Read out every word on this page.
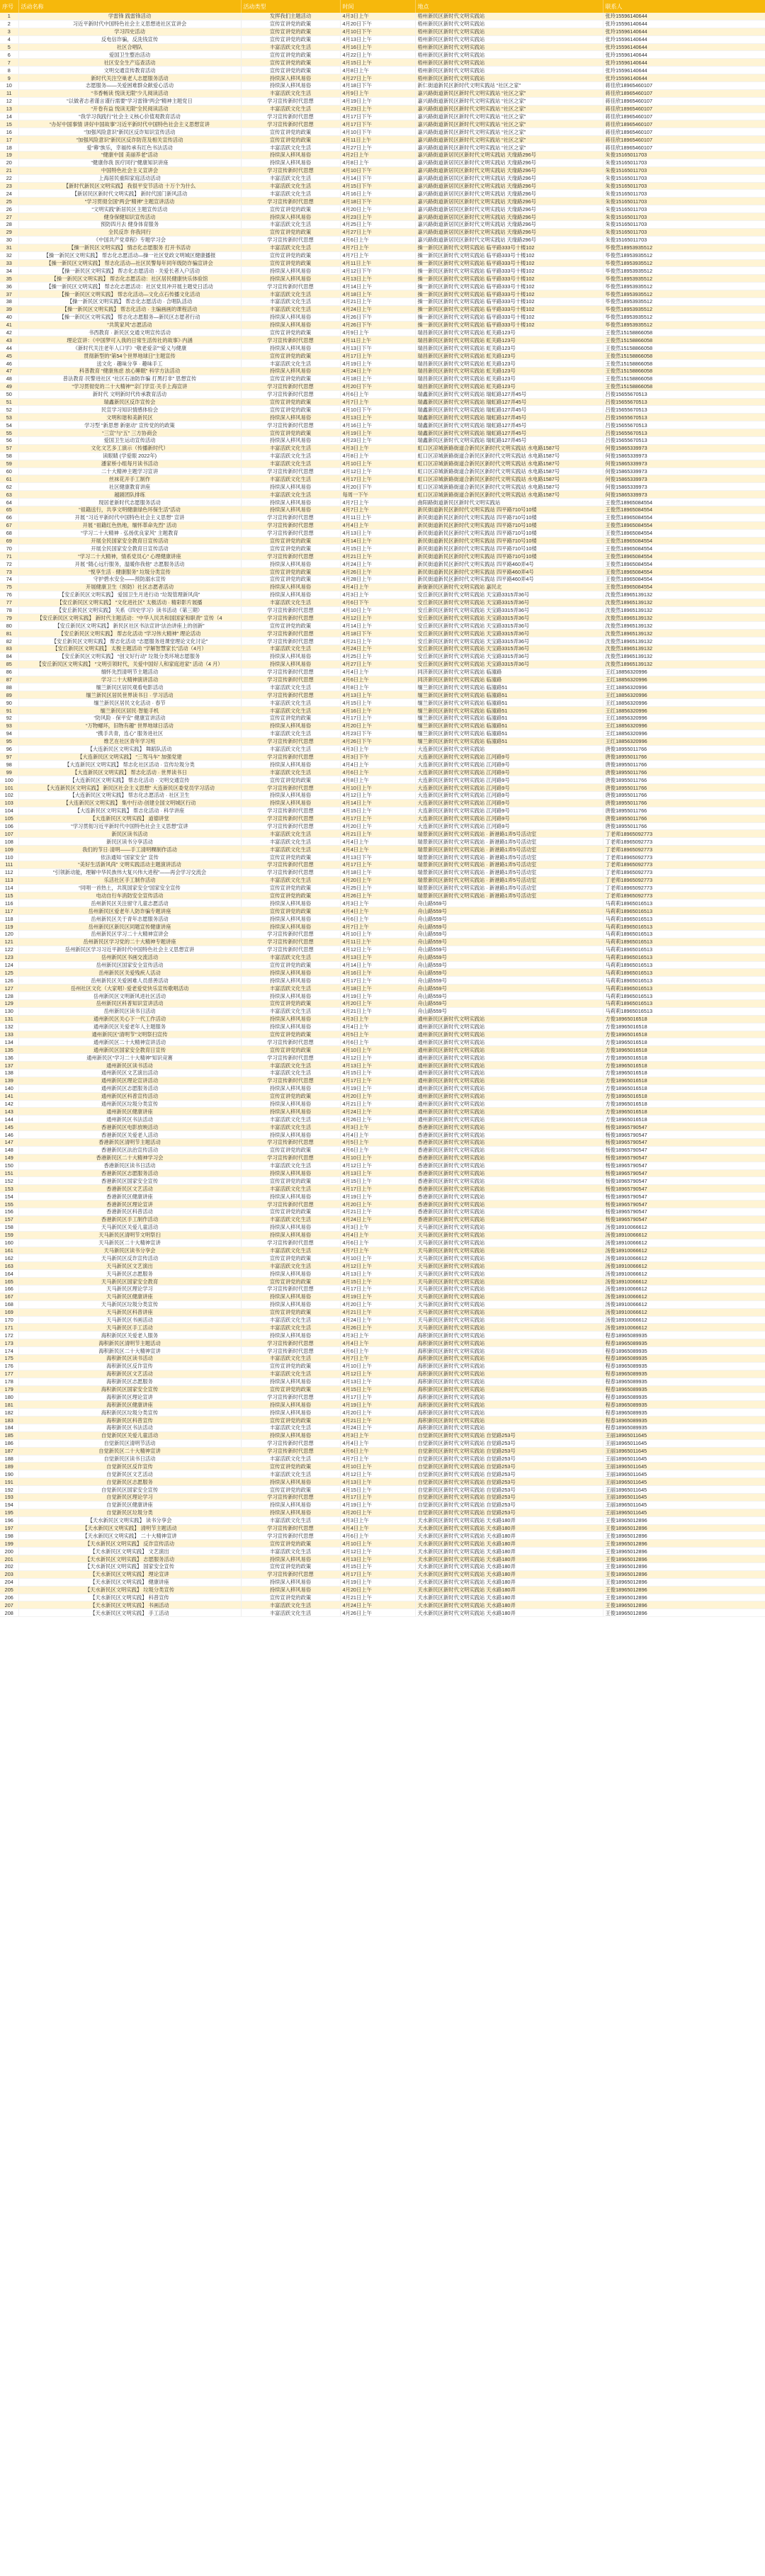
序号	活动名称	活动类型	时间	地点	联系人
1	学雷锋 践雷锋活动	发挥我们主题活动	4月3日上午	梧州新民区新时代文明实践站	张玲15596140644
2	习近平新时代中国特色社会主义思想进社区宣讲会	宣传宣讲党的政策	4月20日下午	梧州新民区新时代文明实践站	张玲15596140644
3	学习四史活动	宣传宣讲党的政策	4月10日下午	梧州新民区新时代文明实践站	张玲15596140644
4	反电信诈骗，反洗钱宣传	宣传宣讲党的政策	4月13日上午	梧州新民区新时代文明实践站	张玲15596140644
5	社区合唱队	丰富活跃文化生活	4月16日上午	梧州新民区新时代文明实践站	张玲15596140644
6	爱国卫生整治活动	宣传宣讲党的政策	4月22日上午	梧州新民区新时代文明实践站	张玲15596140644
7	社区安全生产巡查活动	宣传宣讲党的政策	4月15日上午	梧州新民区新时代文明实践站	张玲15596140644
8	文明交通宣传教育活动	宣传宣讲党的政策	4月8日上午	梧州新民区新时代文明实践站	张玲15596140644
9	新时代关注空巢老人志愿服务活动	持续深入移风易俗	4月27日上午	梧州新民区新时代文明实践站	张玲15596140644
10	志愿服务——关爱困难群众献爱心活动	持续深入移风易俗	4月18日下午	新仁街道新民区新时代文明实践站 “社区之家”	蒋佳欣18965460107
11	“书香畅读 悦读无限”少儿阅读活动	丰富活跃文化生活	4月9日上午	嘉兴路街道新民区新时代文明实践站 “社区之家”	蒋佳欣18965460107
12	“以做者志者谨言谨行需要”学习雷锋“两会”精神主题党日	学习宣传新时代思想	4月19日上午	嘉兴路街道新民区新时代文明实践站 “社区之家”	蒋佳欣18965460107
13	“开卷有益 悦读无限”全民阅读活动	丰富活跃文化生活	4月23日上午	嘉兴路街道新民区新时代文明实践站 “社区之家”	蒋佳欣18965460107
14	“我学习我践行”社会主义核心价值观教育活动	学习宣传新时代思想	4月17日下午	嘉兴路街道新民区新时代文明实践站 “社区之家”	蒋佳欣18965460107
15	“办好中国事情 讲好中国故事”习近平新时代中国特色社会主义思想宣讲	学习宣传新时代思想	4月17日下午	嘉兴路街道新民区新时代文明实践站 “社区之家”	蒋佳欣18965460107
16	“加强风险意识”新民区反诈知识宣传活动	宣传宣讲党的政策	4月10日下午	嘉兴路街道新民区新时代文明实践站 “社区之家”	蒋佳欣18965460107
17	“加强风险意识”新民区反诈防范及相关宣传活动	宣传宣讲党的政策	4月11日上午	嘉兴路街道新民区新时代文明实践站 “社区之家”	蒋佳欣18965460107
18	爱“幕”族乐，幸福传承有红色书法活动	丰富活跃文化生活	4月27日上午	嘉兴路街道新民区新时代文明实践站 “社区之家”	蒋佳欣18965460107
19	“健康中国 美丽养老”活动	持续深入移风易俗	4月2日上午	嘉兴路街道新居民区新时代文明实践站 天缘路296号	朱俊15165011703
20	“健康你我 医疗同行”健康知识讲座	持续深入移风易俗	4月8日上午	嘉兴路街道新居民区新时代文明实践站 天缘路296号	朱俊15165011703
21	中国特色社会主义宣讲会	学习宣传新时代思想	4月10日下午	嘉兴路街道新居民区新时代文明实践站 天缘路296号	朱俊15165011703
22	上海居民重阳家庭活动活动	丰富活跃文化生活	4月14日下午	嘉兴路街道新居民区新时代文明实践站 天缘路296号	朱俊15165011703
23	【新时代新民区文明实践】 我很平安节活动 十万个为什么	丰富活跃文化生活	4月15日下午	嘉兴路街道新居民区新时代文明实践站 天缘路296号	朱俊15165011703
24	【新居民区新时代文明实践】 新时代国门新风活动	丰富活跃文化生活	4月16日上午	嘉兴路街道新居民区新时代文明实践站 天缘路296号	朱俊15165011703
25	“学习贯彻全国“两会”精神”主题宣讲活动	学习宣传新时代思想	4月18日下午	嘉兴路街道新居民区新时代文明实践站 天缘路296号	朱俊15165011703
26	“文明实践”新居民区主题宣传活动	宣传宣讲党的政策	4月20日上午	嘉兴路街道新居民区新时代文明实践站 天缘路296号	朱俊15165011703
27	健身保健知识宣传活动	持续深入移风易俗	4月23日上午	嘉兴路街道新居民区新时代文明实践站 天缘路296号	朱俊15165011703
28	预防四月去 健身体育服务	丰富活跃文化生活	4月25日上午	嘉兴路街道新居民区新时代文明实践站 天缘路296号	朱俊15165011703
29	全民反诈 你我同行	宣传宣讲党的政策	4月27日上午	嘉兴路街道新居民区新时代文明实践站 天缘路296号	朱俊15165011703
30	《中国共产党章程》专题学习会	学习宣传新时代思想	4月6日上午	嘉兴路街道新居民区新时代文明实践站 天缘路296号	朱俊15165011703
31	【操一新民区文明实践】 情志化志愿服务 打开书活动	丰富活跃文化生活	4月7日上午	操一新民区新时代文明实践站 临平路333号十楼102	毕俊然18953935512
32	【操一新民区文明实践】 帮志化志愿活动—操一社区党政文明城区健康播报	宣传宣讲党的政策	4月7日上午	操一新民区新时代文明实践站 临平路333号十楼102	毕俊然18953935512
33	【操一新民区文明实践】 帮志化活动—社区民警每年同年级防诈骗宣讲会	宣传宣讲党的政策	4月11日上午	操一新民区新时代文明实践站 临平路333号十楼102	毕俊然18953935512
34	【操一新民区文明实践】 帮志化志愿活动 · 关爱长者入户活动	持续深入移风易俗	4月12日下午	操一新民区新时代文明实践站 临平路333号十楼102	毕俊然18953935512
35	【操一新民区文明实践】 帮志化志愿活动：社区居民健康快乐体验馆	持续深入移风易俗	4月13日上午	操一新民区新时代文明实践站 临平路333号十楼102	毕俊然18953935512
36	【操一新民区文明实践】 帮志化志愿活动：社区党员冲开展主题党日活动	学习宣传新时代思想	4月14日上午	操一新民区新时代文明实践站 临平路333号十楼102	毕俊然18953935512
37	【操一新民区文明实践】 帮志化活动—文化点石传播文化活动	丰富活跃文化生活	4月18日上午	操一新民区新时代文明实践站 临平路333号十楼102	毕俊然18953935512
38	【操一新民区文明实践】 帮志化志愿活动 · 合唱队活动	丰富活跃文化生活	4月21日上午	操一新民区新时代文明实践站 临平路333号十楼102	毕俊然18953935512
39	【操一新民区文明实践】 帮志化活动 · 主编画画的课程活动	丰富活跃文化生活	4月24日上午	操一新民区新时代文明实践站 临平路333号十楼102	毕俊然18953935512
40	【操一新民区文明实践】 帮志化志愿服务—新民区志愿者行动	持续深入移风易俗	4月26日下午	操一新民区新时代文明实践站 临平路333号十楼102	毕俊然18953935512
41	“共筑家风”志愿活动	持续深入移风易俗	4月26日下午	操一新民区新时代文明实践站 临平路333号十楼102	毕俊然18953935512
42	书西教育 · 新民区交通文明宣传活动	宣传宣讲党的政策	4月9日上午	瑞昌新民区新时代文明实践站 虹关路123号	王俊然15158866058
43	理论宣讲：《中国梦可入我的日常生活传社的故事》·内涵	学习宣传新时代思想	4月11日上午	瑞昌新民区新时代文明实践站 虹关路123号	王俊然15158866058
44	《新时代关注老年人口学》“敬老爱亲”“爱义与健康	持续深入移风易俗	4月13日下午	瑞昌新民区新时代文明实践站 虹关路123号	王俊然15158866058
45	贯彻新型的“第54个世界地球日”主题宣传	宣传宣讲党的政策	4月17日上午	瑞昌新民区新时代文明实践站 虹关路123号	王俊然15158866058
46	送文化 · 趣味分享 · 趣味手工	丰富活跃文化生活	4月19日上午	瑞昌新民区新时代文明实践站 虹关路123号	王俊然15158866058
47	科普教育 “健康焦虑 放心睡眠” 科学方法活动	持续深入移风易俗	4月24日上午	瑞昌新民区新时代文明实践站 虹关路123号	王俊然15158866058
48	普法教育·民警进社区 “社区石油防诈骗 打黑打非” 思想宣传	宣传宣讲党的政策	4月18日上午	瑞昌新民区新时代文明实践站 虹关路123号	王俊然15158866058
49	“学习贯彻党的二十大精神”“亲门学宣·关手上海宣讲	学习宣传新时代思想	4月20日下午	瑞昌新民区新时代文明实践站 虹关路123号	王俊然15158866058
50	新时代 文明新时代传承教育活动	学习宣传新时代思想	4月6日上午	瑞鑫新民区新时代文明实践站 瑞虹路127弄45号	吕俊15655670513
51	瑞鑫新民区反诈宣传会	宣传宣讲党的政策	4月7日上午	瑞鑫新民区新时代文明实践站 瑞虹路127弄45号	吕俊15655670513
52	民宣学习知识情感体验会	宣传宣讲党的政策	4月10日下午	瑞鑫新民区新时代文明实践站 瑞虹路127弄45号	吕俊15655670513
53	文明和谐和美新民区	持续深入移风易俗	4月13日上午	瑞鑫新民区新时代文明实践站 瑞虹路127弄45号	吕俊15655670513
54	学习型 “新思想 新驱动” 宣传党的的政策	学习宣传新时代思想	4月16日上午	瑞鑫新民区新时代文明实践站 瑞虹路127弄45号	吕俊15655670513
55	“三宣”与“五” 三方协商会	宣传宣讲党的政策	4月19日上午	瑞鑫新民区新时代文明实践站 瑞虹路127弄45号	吕俊15655670513
56	爱国卫生运动宣传活动	持续深入移风易俗	4月23日上午	瑞鑫新民区新时代文明实践站 瑞虹路127弄45号	吕俊15655670513
57	文化文艺多工演示（传播新时代）	丰富活跃文化生活	4月3日上午	虹口区凉城新路街道合新民区新时代文明实践站 水电路1587号	何俊15865339973
58	读眼睛 (学爱眼 2022年)	丰富活跃文化生活	4月8日上午	虹口区凉城新路街道合新民区新时代文明实践站 水电路1587号	何俊15865339973
59	潘家桥小组每月读书活动	丰富活跃文化生活	4月10日上午	虹口区凉城新路街道合新民区新时代文明实践站 水电路1587号	何俊15865339973
60	二十大精神主题学习宣讲	学习宣传新时代思想	4月12日上午	虹口区凉城新路街道合新民区新时代文明实践站 水电路1587号	何俊15865339973
61	丝袜花开手工制作	丰富活跃文化生活	4月17日上午	虹口区凉城新路街道合新民区新时代文明实践站 水电路1587号	何俊15865339973
62	社区健康教育讲座	持续深入移风易俗	4月20日下午	虹口区凉城新路街道合新民区新时代文明实践站 水电路1587号	何俊15865339973
63	越剧团队排练	丰富活跃文化生活	每周一下午	虹口区凉城新路街道合新民区新时代文明实践站 水电路1587号	何俊15865339973
64	现居老新时代志愿服务活动	持续深入移风易俗	4月7日上午	曲阳路街道新民区新时代文明实践站	王俊然18965084554
65	“祖籍送行，共享文明健康绿色环保生活”活动	持续深入移风易俗	4月7日上午	新民街道新民区新时代文明实践站 四平路710号10楼	王俊然18965084554
66	开展 “习近平新时代中国特色社会主义思想” 宣讲	学习宣传新时代思想	4月11日上午	新民街道新民区新时代文明实践站 四平路710号10楼	王俊然18965084554
67	开展 “祖籍红色热地，缅怀革命先烈” 活动	学习宣传新时代思想	4月4日上午	新民街道新民区新时代文明实践站 四平路710号10楼	王俊然18965084554
68	“学习二十大精神 · 弘扬优良家风” 主题教育	学习宣传新时代思想	4月13日上午	新民街道新民区新时代文明实践站 四平路710号10楼	王俊然18965084554
69	开展全民国家安全教育日宣传活动	宣传宣讲党的政策	4月14日上午	新民街道新民区新时代文明实践站 四平路710号10楼	王俊然18965084554
70	开展全民国家安全教育日宣传活动	宣传宣讲党的政策	4月15日上午	新民街道新民区新时代文明实践站 四平路710号10楼	王俊然18965084554
71	“学习二十大精神，情系党员心” 心理健康讲座	学习宣传新时代思想	4月21日上午	新民街道新民区新时代文明实践站 四平路710号10楼	王俊然18965084554
72	开展 “随心远行服务，温暖你我他” 志愿服务活动	持续深入移风易俗	4月24日上午	新民街道新民区新时代文明实践站 四平路460弄4号	王俊然18965084554
73	“悦享生活 · 健康服务” 垃圾分类宣传	宣传宣讲党的政策	4月26日上午	新民街道新民区新时代文明实践站 四平路460弄4号	王俊然18965084554
74	守护碧水安全——预防溺水宣传	宣传宣讲党的政策	4月28日上午	新民街道新民区新时代文明实践站 四平路460弄4号	王俊然18965084554
75	开展健康卫生（预防）社区志愿者活动	持续深入移风易俗	4月4日上午	新街新民区新时代文明实践站 嘉民北	王俊然18965084554
76	【安丘新民区文明实践】 爱国卫生月进行动 “垃圾管理新风尚”	持续深入移风易俗	4月3日上午	安丘新民区新时代文明实践站 天宝路3315弄36号	沈俊然18965139132
77	【安丘新民区文明实践】 “文化进社区” 太极活动 · 精彩影片展播	丰富活跃文化生活	4月6日下午	安丘新民区新时代文明实践站 天宝路3315弄36号	沈俊然18965139132
78	【安丘新民区文明实践】 关系《四史学习》读书活动（第三期）	学习宣传新时代思想	4月10日上午	安丘新民区新时代文明实践站 天宝路3315弄36号	沈俊然18965139132
79	【安丘新民区文明实践】 新时代主题活动：“中华人民共和国国家和职责” 宣传（4	学习宣传新时代思想	4月12日上午	安丘新民区新时代文明实践站 天宝路3315弄36号	沈俊然18965139132
80	【安丘新民区文明实践】 新民区社区书法宣讲“法治讲座上的创新”	宣传宣讲党的政策	4月14日上午	安丘新民区新时代文明实践站 天宝路3315弄36号	沈俊然18965139132
81	【安丘新民区文明实践】 帮志化活动 “学习伟大精神” 理论活动	学习宣传新时代思想	4月18日下午	安丘新民区新时代文明实践站 天宝路3315弄36号	沈俊然18965139132
82	【安丘新民区文明实践】 帮志化活动 “志愿服务进课堂理论文化讨论”	学习宣传新时代思想	4月21日上午	安丘新民区新时代文明实践站 天宝路3315弄36号	沈俊然18965139132
83	【安丘新民区文明实践】 太极主题活动 “学解智慧家长”活动（4月）	丰富活跃文化生活	4月24日上午	安丘新民区新时代文明实践站 天宝路3315弄36号	沈俊然18965139132
84	【安丘新民区文明实践】 “创文好行动” 垃圾分类环境志愿服务	持续深入移风易俗	4月25日上午	安丘新民区新时代文明实践站 天宝路3315弄36号	沈俊然18965139132
85	【安丘新民区文明实践】 “文明引领时代，关爱中国好人和家庭进家” 活动（4 月）	持续深入移风易俗	4月27日上午	安丘新民区新时代文明实践站 天宝路3315弄36号	沈俊然18965139132
86	缅怀先烈清明节主题活动	学习宣传新时代思想	4月4日上午	同济新民区新时代文明实践站 临潼路	王红18856320996
87	学习二十大精神演讲活动	学习宣传新时代思想	4月6日上午	同济新民区新时代文明实践站 临潼路	王红18856320996
88	缅兰新民区居民观看电影活动	丰富活跃文化生活	4月8日上午	缅兰新民区新时代文明实践站 临潼路51	王红18856320996
89	缅兰新民区居民世界读书日 · 学习活动	学习宣传新时代思想	4月13日上午	缅兰新民区新时代文明实践站 临潼路51	王红18856320996
90	缅兰新民区居民文化活动 · 春节	丰富活跃文化生活	4月15日上午	缅兰新民区新时代文明实践站 临潼路51	王红18856320996
91	缅兰新民区居民·智能手机	丰富活跃文化生活	4月16日上午	缅兰新民区新时代文明实践站 临潼路51	王红18856320996
92	“防风险 · 保平安” 健康宣讲活动	宣传宣讲党的政策	4月17日上午	缅兰新民区新时代文明实践站 临潼路51	王红18856320996
93	“万物螺环，旧物有趣” 世界地球日活动	持续深入移风易俗	4月20日上午	缅兰新民区新时代文明实践站 临潼路51	王红18856320996
94	“携手共青，连心” 服务进社区	丰富活跃文化生活	4月23日下午	缅兰新民区新时代文明实践站 临潼路51	王红18856320996
95	维艺在社区青年学习班	学习宣传新时代思想	4月26日下午	缅兰新民区新时代文明实践站 临潼路51	王红18856320996
96	【大连新民区文明实践】 舞蹈队活动	丰富活跃文化生活	4月3日上午	大连新民区新时代文明实践站	唐俊18955011766
97	【大连新民区文明实践】 “三驾马车” 加强党建	学习宣传新时代思想	4月3日下午	大连新民区新时代文明实践站 江河路9号	唐俊18955011766
98	【大连新民区文明实践】 帮志化社区活动 · 宣传垃圾分类	持续深入移风易俗	4月4日上午	大连新民区新时代文明实践站 江河路9号	唐俊18955011766
99	【大连新民区文明实践】 帮志化活动 · 世界读书日	丰富活跃文化生活	4月6日上午	大连新民区新时代文明实践站 江河路9号	唐俊18955011766
100	【大连新民区文明实践】 帮志化活动 · 文明交通宣传	宣传宣讲党的政策	4月8日上午	大连新民区新时代文明实践站 江河路9号	唐俊18955011766
101	【大连新民区文明实践】 新民区社会主义思想” 大连新民区委党员学习活动	学习宣传新时代思想	4月10日上午	大连新民区新时代文明实践站 江河路9号	唐俊18955011766
102	【大连新民区文明实践】 帮志化志愿活动 · 社区卫生	持续深入移风易俗	4月12日上午	大连新民区新时代文明实践站 江河路9号	唐俊18955011766
103	【大连新民区文明实践】 集中行动·创建全国文明城区行动	持续深入移风易俗	4月14日上午	大连新民区新时代文明实践站 江河路9号	唐俊18955011766
104	【大连新民区文明实践】 帮志化活动 · 科学讲座	学习宣传新时代思想	4月15日上午	大连新民区新时代文明实践站 江河路9号	唐俊18955011766
105	【大连新民区文明实践】 道德讲堂	学习宣传新时代思想	4月17日上午	大连新民区新时代文明实践站 江河路9号	唐俊18955011766
106	“学习贯彻习近平新时代中国特色社会主义思想”宣讲	学习宣传新时代思想	4月20日上午	大连新民区新时代文明实践站 江河路9号	唐俊18955011766
107	新民区读书活动	丰富活跃文化生活	4月21日上午	瑞景新民区新时代文明实践站 · 新港路1弄5号活动室	丁老师18965092773
108	新民区读书分享活动	丰富活跃文化生活	4月4日上午	瑞景新民区新时代文明实践站 · 新港路1弄5号活动室	丁老师18965092773
109	我们的节日·清明——手工清明粿制作活动	丰富活跃文化生活	4月4日上午	瑞景新民区新时代文明实践站 · 新港路1弄5号活动室	丁老师18965092773
110	依法通知 “国家安全” 宣传	宣传宣讲党的政策	4月13日下午	瑞景新民区新时代文明实践站 · 新港路1弄5号活动室	丁老师18965092773
111	“美好生活新风尚” 文明实践活动主题演讲活动	学习宣传新时代思想	4月17日上午	瑞景新民区新时代文明实践站 · 新港路1弄5号活动室	丁老师18965092773
112	“引领新动能，理解中华民族伟大复兴伟大进程”——再会学习交流会	学习宣传新时代思想	4月18日上午	瑞景新民区新时代文明实践站 · 新港路1弄5号活动室	丁老师18965092773
113	乐活社区手工制作活动	丰富活跃文化生活	4月20日上午	瑞景新民区新时代文明实践站 · 新港路1弄5号活动室	丁老师18965092773
114	“同唱一首热土，共筑国家安全”国家安全宣传	宣传宣讲党的政策	4月25日上午	瑞景新民区新时代文明实践站 · 新港路1弄5号活动室	丁老师18965092773
115	电动自行车消防安全宣传活动	宣传宣讲党的政策	4月26日上午	瑞景新民区新时代文明实践站 · 新港路1弄5号活动室	丁老师18965092773
116	岳州新民区关注留守儿童志愿活动	持续深入移风易俗	4月3日上午	舟山路559号	马莉莉18965016513
117	岳州新民区爱老年人防诈骗专题讲座	宣传宣讲党的政策	4月4日上午	舟山路559号	马莉莉18965016513
118	岳州新民区关于青年志愿服务活动	持续深入移风易俗	4月6日上午	舟山路559号	马莉莉18965016513
119	岳州新民区新民区同题宣传健康讲座	持续深入移风易俗	4月7日上午	舟山路559号	马莉莉18965016513
120	岳州新民区学习二十大精神宣讲会	学习宣传新时代思想	4月10日上午	舟山路559号	马莉莉18965016513
121	岳州新民区学习党的二十大精神专题讲座	学习宣传新时代思想	4月11日上午	舟山路559号	马莉莉18965016513
122	岳州新民区学习习近平新时代中国特色社会主义思想宣讲	学习宣传新时代思想	4月12日上午	舟山路559号	马莉莉18965016513
123	岳州新民区书画交流活动	丰富活跃文化生活	4月13日上午	舟山路559号	马莉莉18965016513
124	岳州新民区国家安全宣传活动	宣传宣讲党的政策	4月14日上午	舟山路559号	马莉莉18965016513
125	岳州新民区关爱残疾人活动	持续深入移风易俗	4月16日上午	舟山路559号	马莉莉18965016513
126	岳州新民区关爱困难人员慈善活动	持续深入移风易俗	4月17日上午	舟山路559号	马莉莉18965016513
127	岳州社区文化（大家唱）·爱老爱党快乐宣传歌唱活动	丰富活跃文化生活	4月18日上午	舟山路559号	马莉莉18965016513
128	岳州新民区文明新风进社区活动	持续深入移风易俗	4月19日上午	舟山路559号	马莉莉18965016513
129	岳州新民区科普知识宣讲活动	宣传宣讲党的政策	4月20日上午	舟山路559号	马莉莉18965016513
130	岳州新民区读书日活动	丰富活跃文化生活	4月21日上午	舟山路559号	马莉莉18965016513
131	通州新民区关心下一代工作活动	持续深入移风易俗	4月3日上午	通州新民区新时代文明实践站	方俊18965016518
132	通州新民区关爱老年人主题服务	持续深入移风易俗	4月4日上午	通州新民区新时代文明实践站	方俊18965016518
133	通州新民区“清明节”文明祭扫宣传	宣传宣讲党的政策	4月5日上午	通州新民区新时代文明实践站	方俊18965016518
134	通州新民区二十大精神宣讲活动	学习宣传新时代思想	4月6日上午	通州新民区新时代文明实践站	方俊18965016518
135	通州新民区国家安全教育日宣传	宣传宣讲党的政策	4月10日上午	通州新民区新时代文明实践站	方俊18965016518
136	通州新民区“学习二十大精神”知识竞赛	学习宣传新时代思想	4月12日上午	通州新民区新时代文明实践站	方俊18965016518
137	通州新民区读书活动	丰富活跃文化生活	4月13日上午	通州新民区新时代文明实践站	方俊18965016518
138	通州新民区文艺演出活动	丰富活跃文化生活	4月15日上午	通州新民区新时代文明实践站	方俊18965016518
139	通州新民区理论宣讲活动	学习宣传新时代思想	4月17日上午	通州新民区新时代文明实践站	方俊18965016518
140	通州新民区志愿服务活动	持续深入移风易俗	4月19日上午	通州新民区新时代文明实践站	方俊18965016518
141	通州新民区科普宣传活动	宣传宣讲党的政策	4月20日上午	通州新民区新时代文明实践站	方俊18965016518
142	通州新民区垃圾分类宣传	持续深入移风易俗	4月21日上午	通州新民区新时代文明实践站	方俊18965016518
143	通州新民区健康讲座	持续深入移风易俗	4月24日上午	通州新民区新时代文明实践站	方俊18965016518
144	通州新民区书法活动	丰富活跃文化生活	4月26日上午	通州新民区新时代文明实践站	方俊18965016518
145	香港新民区电影放映活动	丰富活跃文化生活	4月3日上午	香港新民区新时代文明实践站	杨俊18965790547
146	香港新民区关爱老人活动	持续深入移风易俗	4月4日上午	香港新民区新时代文明实践站	杨俊18965790547
147	香港新民区清明节主题活动	学习宣传新时代思想	4月5日上午	香港新民区新时代文明实践站	杨俊18965790547
148	香港新民区法治宣传活动	宣传宣讲党的政策	4月6日上午	香港新民区新时代文明实践站	杨俊18965790547
149	香港新民区二十大精神学习会	学习宣传新时代思想	4月10日上午	香港新民区新时代文明实践站	杨俊18965790547
150	香港新民区读书日活动	丰富活跃文化生活	4月12日上午	香港新民区新时代文明实践站	杨俊18965790547
151	香港新民区志愿服务活动	持续深入移风易俗	4月13日上午	香港新民区新时代文明实践站	杨俊18965790547
152	香港新民区国家安全宣传	宣传宣讲党的政策	4月15日上午	香港新民区新时代文明实践站	杨俊18965790547
153	香港新民区文艺活动	丰富活跃文化生活	4月17日上午	香港新民区新时代文明实践站	杨俊18965790547
154	香港新民区健康讲座	持续深入移风易俗	4月19日上午	香港新民区新时代文明实践站	杨俊18965790547
155	香港新民区理论宣讲	学习宣传新时代思想	4月20日上午	香港新民区新时代文明实践站	杨俊18965790547
156	香港新民区科普活动	宣传宣讲党的政策	4月21日上午	香港新民区新时代文明实践站	杨俊18965790547
157	香港新民区手工制作活动	丰富活跃文化生活	4月24日上午	香港新民区新时代文明实践站	杨俊18965790547
158	天马新民区关爱儿童活动	持续深入移风易俗	4月3日上午	天马新民区新时代文明实践站	汤俊18910066612
159	天马新民区清明节文明祭扫	持续深入移风易俗	4月4日上午	天马新民区新时代文明实践站	汤俊18910066612
160	天马新民区二十大精神宣讲	学习宣传新时代思想	4月6日上午	天马新民区新时代文明实践站	汤俊18910066612
161	天马新民区读书分享会	丰富活跃文化生活	4月7日上午	天马新民区新时代文明实践站	汤俊18910066612
162	天马新民区反诈宣传活动	宣传宣讲党的政策	4月10日上午	天马新民区新时代文明实践站	汤俊18910066612
163	天马新民区文艺演出	丰富活跃文化生活	4月12日上午	天马新民区新时代文明实践站	汤俊18910066612
164	天马新民区志愿服务	持续深入移风易俗	4月13日上午	天马新民区新时代文明实践站	汤俊18910066612
165	天马新民区国家安全教育	宣传宣讲党的政策	4月15日上午	天马新民区新时代文明实践站	汤俊18910066612
166	天马新民区理论学习	学习宣传新时代思想	4月17日上午	天马新民区新时代文明实践站	汤俊18910066612
167	天马新民区健康讲座	持续深入移风易俗	4月19日上午	天马新民区新时代文明实践站	汤俊18910066612
168	天马新民区垃圾分类宣传	持续深入移风易俗	4月20日上午	天马新民区新时代文明实践站	汤俊18910066612
169	天马新民区科普讲座	宣传宣讲党的政策	4月21日上午	天马新民区新时代文明实践站	汤俊18910066612
170	天马新民区书画活动	丰富活跃文化生活	4月24日上午	天马新民区新时代文明实践站	汤俊18910066612
171	天马新民区手工活动	丰富活跃文化生活	4月26日上午	天马新民区新时代文明实践站	汤俊18910066612
172	海积新民区关爱老人服务	持续深入移风易俗	4月3日上午	海积新民区新时代文明实践站	程春18965089935
173	海积新民区清明节主题活动	学习宣传新时代思想	4月4日上午	海积新民区新时代文明实践站	程春18965089935
174	海积新民区二十大精神宣讲	学习宣传新时代思想	4月6日上午	海积新民区新时代文明实践站	程春18965089935
175	海积新民区读书活动	丰富活跃文化生活	4月7日上午	海积新民区新时代文明实践站	程春18965089935
176	海积新民区反诈宣传	宣传宣讲党的政策	4月10日上午	海积新民区新时代文明实践站	程春18965089935
177	海积新民区文艺活动	丰富活跃文化生活	4月12日上午	海积新民区新时代文明实践站	程春18965089935
178	海积新民区志愿服务	持续深入移风易俗	4月13日上午	海积新民区新时代文明实践站	程春18965089935
179	海积新民区国家安全宣传	宣传宣讲党的政策	4月15日上午	海积新民区新时代文明实践站	程春18965089935
180	海积新民区理论宣讲	学习宣传新时代思想	4月17日上午	海积新民区新时代文明实践站	程春18965089935
181	海积新民区健康讲座	持续深入移风易俗	4月19日上午	海积新民区新时代文明实践站	程春18965089935
182	海积新民区垃圾分类宣传	持续深入移风易俗	4月20日上午	海积新民区新时代文明实践站	程春18965089935
183	海积新民区科普宣传	宣传宣讲党的政策	4月21日上午	海积新民区新时代文明实践站	程春18965089935
184	海积新民区书法活动	丰富活跃文化生活	4月24日上午	海积新民区新时代文明实践站	程春18965089935
185	自觉新民区关爱儿童活动	持续深入移风易俗	4月3日上午	自觉新民区新时代文明实践站 自觉路253号	王丽18965011645
186	自觉新民区清明节活动	学习宣传新时代思想	4月4日上午	自觉新民区新时代文明实践站 自觉路253号	王丽18965011645
187	自觉新民区二十大精神宣讲	学习宣传新时代思想	4月6日上午	自觉新民区新时代文明实践站 自觉路253号	王丽18965011645
188	自觉新民区读书日活动	丰富活跃文化生活	4月7日上午	自觉新民区新时代文明实践站 自觉路253号	王丽18965011645
189	自觉新民区反诈宣传	宣传宣讲党的政策	4月10日上午	自觉新民区新时代文明实践站 自觉路253号	王丽18965011645
190	自觉新民区文艺活动	丰富活跃文化生活	4月12日上午	自觉新民区新时代文明实践站 自觉路253号	王丽18965011645
191	自觉新民区志愿服务	持续深入移风易俗	4月13日上午	自觉新民区新时代文明实践站 自觉路253号	王丽18965011645
192	自觉新民区国家安全宣传	宣传宣讲党的政策	4月15日上午	自觉新民区新时代文明实践站 自觉路253号	王丽18965011645
193	自觉新民区理论学习	学习宣传新时代思想	4月17日上午	自觉新民区新时代文明实践站 自觉路253号	王丽18965011645
194	自觉新民区健康讲座	持续深入移风易俗	4月19日上午	自觉新民区新时代文明实践站 自觉路253号	王丽18965011645
195	自觉新民区垃圾分类	持续深入移风易俗	4月20日上午	自觉新民区新时代文明实践站 自觉路253号	王丽18965011645
196	【天水新民区文明实践】 读书分享会	丰富活跃文化生活	4月3日上午	天水新民区新时代文明实践站 天水路180弄	王俊18965012896
197	【天水新民区文明实践】 清明节主题活动	学习宣传新时代思想	4月4日上午	天水新民区新时代文明实践站 天水路180弄	王俊18965012896
198	【天水新民区文明实践】 二十大精神宣讲	学习宣传新时代思想	4月6日上午	天水新民区新时代文明实践站 天水路180弄	王俊18965012896
199	【天水新民区文明实践】 反诈宣传活动	宣传宣讲党的政策	4月10日上午	天水新民区新时代文明实践站 天水路180弄	王俊18965012896
200	【天水新民区文明实践】 文艺演出	丰富活跃文化生活	4月12日上午	天水新民区新时代文明实践站 天水路180弄	王俊18965012896
201	【天水新民区文明实践】 志愿服务活动	持续深入移风易俗	4月13日上午	天水新民区新时代文明实践站 天水路180弄	王俊18965012896
202	【天水新民区文明实践】 国家安全宣传	宣传宣讲党的政策	4月15日上午	天水新民区新时代文明实践站 天水路180弄	王俊18965012896
203	【天水新民区文明实践】 理论宣讲	学习宣传新时代思想	4月17日上午	天水新民区新时代文明实践站 天水路180弄	王俊18965012896
204	【天水新民区文明实践】 健康讲座	持续深入移风易俗	4月19日上午	天水新民区新时代文明实践站 天水路180弄	王俊18965012896
205	【天水新民区文明实践】 垃圾分类宣传	持续深入移风易俗	4月20日上午	天水新民区新时代文明实践站 天水路180弄	王俊18965012896
206	【天水新民区文明实践】 科普宣传	宣传宣讲党的政策	4月21日上午	天水新民区新时代文明实践站 天水路180弄	王俊18965012896
207	【天水新民区文明实践】 书画活动	丰富活跃文化生活	4月24日上午	天水新民区新时代文明实践站 天水路180弄	王俊18965012896
208	【天水新民区文明实践】 手工活动	丰富活跃文化生活	4月26日上午	天水新民区新时代文明实践站 天水路180弄	王俊18965012896
